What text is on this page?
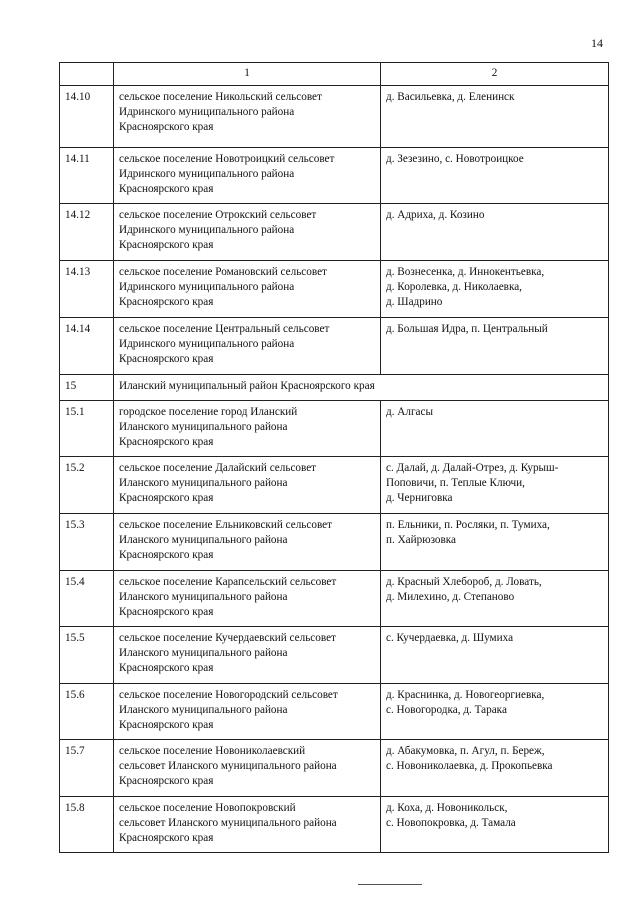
14
	1	2
14.10	сельское поселение Никольский сельсовет
Идринского муниципального района
Красноярского края	д. Васильевка, д. Еленинск

14.11	сельское поселение Новотроицкий сельсовет
Идринского муниципального района
Красноярского края	д. Зезезино, с. Новотроицкое

14.12	сельское поселение Отрокский сельсовет
Идринского муниципального района
Красноярского края	д. Адриха, д. Козино

14.13	сельское поселение Романовский сельсовет
Идринского муниципального района
Красноярского края	д. Вознесенка, д. Иннокентьевка,
д. Королевка, д. Николаевка,
д. Шадрино

14.14	сельское поселение Центральный сельсовет
Идринского муниципального района
Красноярского края	д. Большая Идра, п. Центральный

15	Иланский муниципальный район Красноярского края	
15.1	городское поселение город Иланский
Иланского муниципального района
Красноярского края	д. Алгасы

15.2	сельское поселение Далайский сельсовет
Иланского муниципального района
Красноярского края	с. Далай, д. Далай-Отрез, д. Курыш-
Поповичи, п. Теплые Ключи,
д. Черниговка

15.3	сельское поселение Ельниковский сельсовет
Иланского муниципального района
Красноярского края	п. Ельники, п. Росляки, п. Тумиха,
п. Хайрюзовка

15.4	сельское поселение Карапсельский сельсовет
Иланского муниципального района
Красноярского края	д. Красный Хлебороб, д. Ловать,
д. Милехино, д. Степаново

15.5	сельское поселение Кучердаевский сельсовет
Иланского муниципального района
Красноярского края	с. Кучердаевка, д. Шумиха

15.6	сельское поселение Новогородский сельсовет
Иланского муниципального района
Красноярского края	д. Краснинка, д. Новогеоргиевка,
с. Новогородка, д. Тарака

15.7	сельское поселение Новониколаевский
сельсовет Иланского муниципального района
Красноярского края	д. Абакумовка, п. Агул, п. Береж,
с. Новониколаевка, д. Прокопьевка

15.8	сельское поселение Новопокровский
сельсовет Иланского муниципального района
Красноярского края	д. Коха, д. Новоникольск,
с. Новопокровка, д. Тамала
